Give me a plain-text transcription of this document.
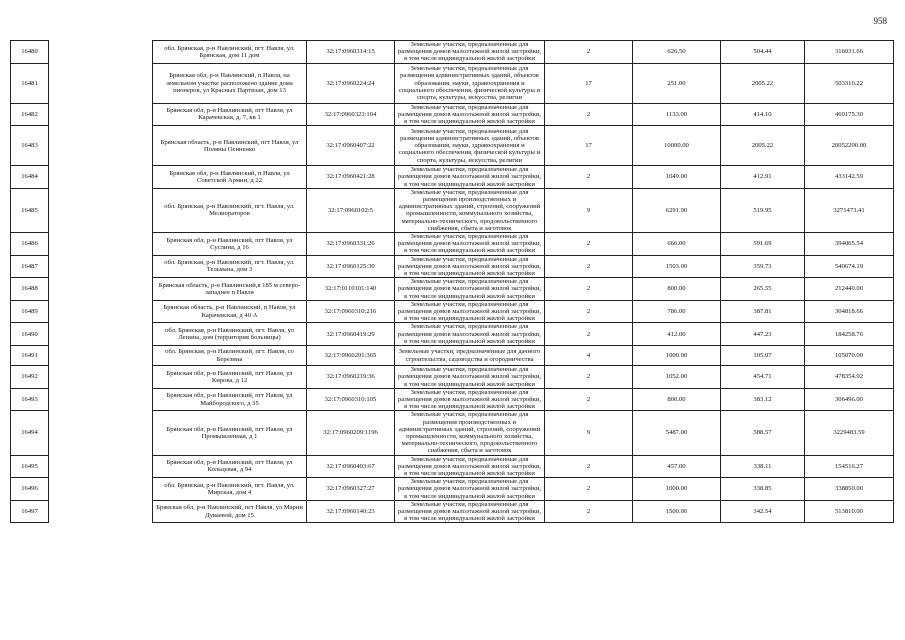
958
16480		обл. Брянская, р-н Навлинский, пгт. Навля, ул. Брянская, дом 11 дом	32:17:0960314:15	Земельные участки, предназначенные для размещения домов малоэтажной жилой застройки, в том числе индивидуальной жилой застройки	2	626.50	504.44	316031.66
16481		Брянская обл, р-н Навлинский, п Навля, на земельном участке расположено здание дома пионеров, ул Красных Партизан, дом 13	32:17:0960224:24	Земельные участки, предназначенные для размещения административных зданий, объектов образования, науки, здравоохранения и социального обеспечения, физической культуры и спорта, культуры, искусства, религии	17	251.00	2005.22	503310.22
16482		Брянская обл, р-н Навлинский, пгт Навля, ул Карачевская, д. 7, кв 1	32:17:0960323:104	Земельные участки, предназначенные для размещения домов малоэтажной жилой застройки, в том числе индивидуальной жилой застройки	2	1133.00	414.10	469175.30
16483		Брянская область, р-н Навлинский, пгт Навля, ул Поляны Осиненко	32:17:0960407:22	Земельные участки, предназначенные для размещения административных зданий, объектов образования, науки, здравоохранения и социального обеспечения, физической культуры и спорта, культуры, искусства, религии	17	10000.00	2005.22	20052200.00
16484		Брянская обл, р-н Навлинский, п Навля, ул Советской Армии, д 22	32:17:0960421:28	Земельные участки, предназначенные для размещения домов малоэтажной жилой застройки, в том числе индивидуальной жилой застройки	2	1049.00	412.91	433142.59
16485		обл. Брянская, р-н Навлинский, пгт. Навля, ул. Мелиораторов	32:17:0960102:5	Земельные участки, предназначенные для размещения производственных и административных зданий, строений, сооружений промышленности, коммунального хозяйства, материально-технического, продовольственного снабжения, сбыта и заготовок	9	6291.90	519.95	3271473.41
16486		Брянская обл, р-н Навлинский, пгт Навля, ул Суслина, д 16	32:17:0960331:26	Земельные участки, предназначенные для размещения домов малоэтажной жилой застройки, в том числе индивидуальной жилой застройки	2	666.00	591.69	394065.54
16487		обл. Брянская, р-н Навлинский, пгт. Навля, ул. Тельмана, дом 3	32:17:0960125:30	Земельные участки, предназначенные для размещения домов малоэтажной жилой застройки, в том числе индивидуальной жилой застройки	2	1503.00	359.73	540674.19
16488		Брянская область, р-н Навлинский,в 185 м северо-западнее п Навля	32:17:0110101:140	Земельные участки, предназначенные для размещения домов малоэтажной жилой застройки, в том числе индивидуальной жилой застройки	2	800.00	265.55	212440.00
16489		Брянская область, р-н Навлинский, п Навля, ул Карачевская, д 40 А	32:17:0960310:216	Земельные участки, предназначенные для размещения домов малоэтажной жилой застройки, в том числе индивидуальной жилой застройки	2	786.00	387.81	304818.66
16490		обл. Брянская, р-н Навлинский, пгт. Навля, ул Ленина, дом (территория больницы)	32:17:0960419:29	Земельные участки, предназначенные для размещения домов малоэтажной жилой застройки, в том числе индивидуальной жилой застройки	2	412.00	447.23	184258.76
16491		обл. Брянская, р-н Навлинский, пгт. Навля, со Березина	32:17:0960201:365	Земельные участки, предназначенные для дачного строительства, садоводства и огородничества	4	1000.00	105.07	105070.00
16492		Брянская обл, р-н Навлинский, пгт Навля, ул Кирова, д 12	32:17:0960219:36	Земельные участки, предназначенные для размещения домов малоэтажной жилой застройки, в том числе индивидуальной жилой застройки	2	1052.00	454.71	478354.92
16493		Брянская обл, р-н Навлинский, пгт Навля, ул Майбородского, д 35	32:17:0960310:105	Земельные участки, предназначенные для размещения домов малоэтажной жилой застройки, в том числе индивидуальной жилой застройки	2	800.00	383.12	306496.00
16494		Брянская обл, р-н Навлинский, пгт Навля, ул Промышленная, д 1	32:17:0960209:1196	Земельные участки, предназначенные для размещения производственных и административных зданий, строений, сооружений промышленности, коммунального хозяйства, материально-технического, продовольственного снабжения, сбыта и заготовок	9	5487.00	588.57	3229483.59
16495		Брянская обл, р-н Навлинский, пгт Навля, ул Кольцевая, д 94	32:17:0960403:67	Земельные участки, предназначенные для размещения домов малоэтажной жилой застройки, в том числе индивидуальной жилой застройки	2	457.00	338.11	154516.27
16496		обл. Брянская, р-н Навлинский, пгт. Навля, ул. Мирская, дом 4	32:17:0960327:27	Земельные участки, предназначенные для размещения домов малоэтажной жилой застройки, в том числе индивидуальной жилой застройки	2	1000.00	338.85	338850.00
16497		Брянская обл, р-н Навлинский, пгт Навля, ул Марии Дуваевой, дом 15	32:17:0960140:23	Земельные участки, предназначенные для размещения домов малоэтажной жилой застройки, в том числе индивидуальной жилой застройки	2	1500.00	342.54	513810.00
